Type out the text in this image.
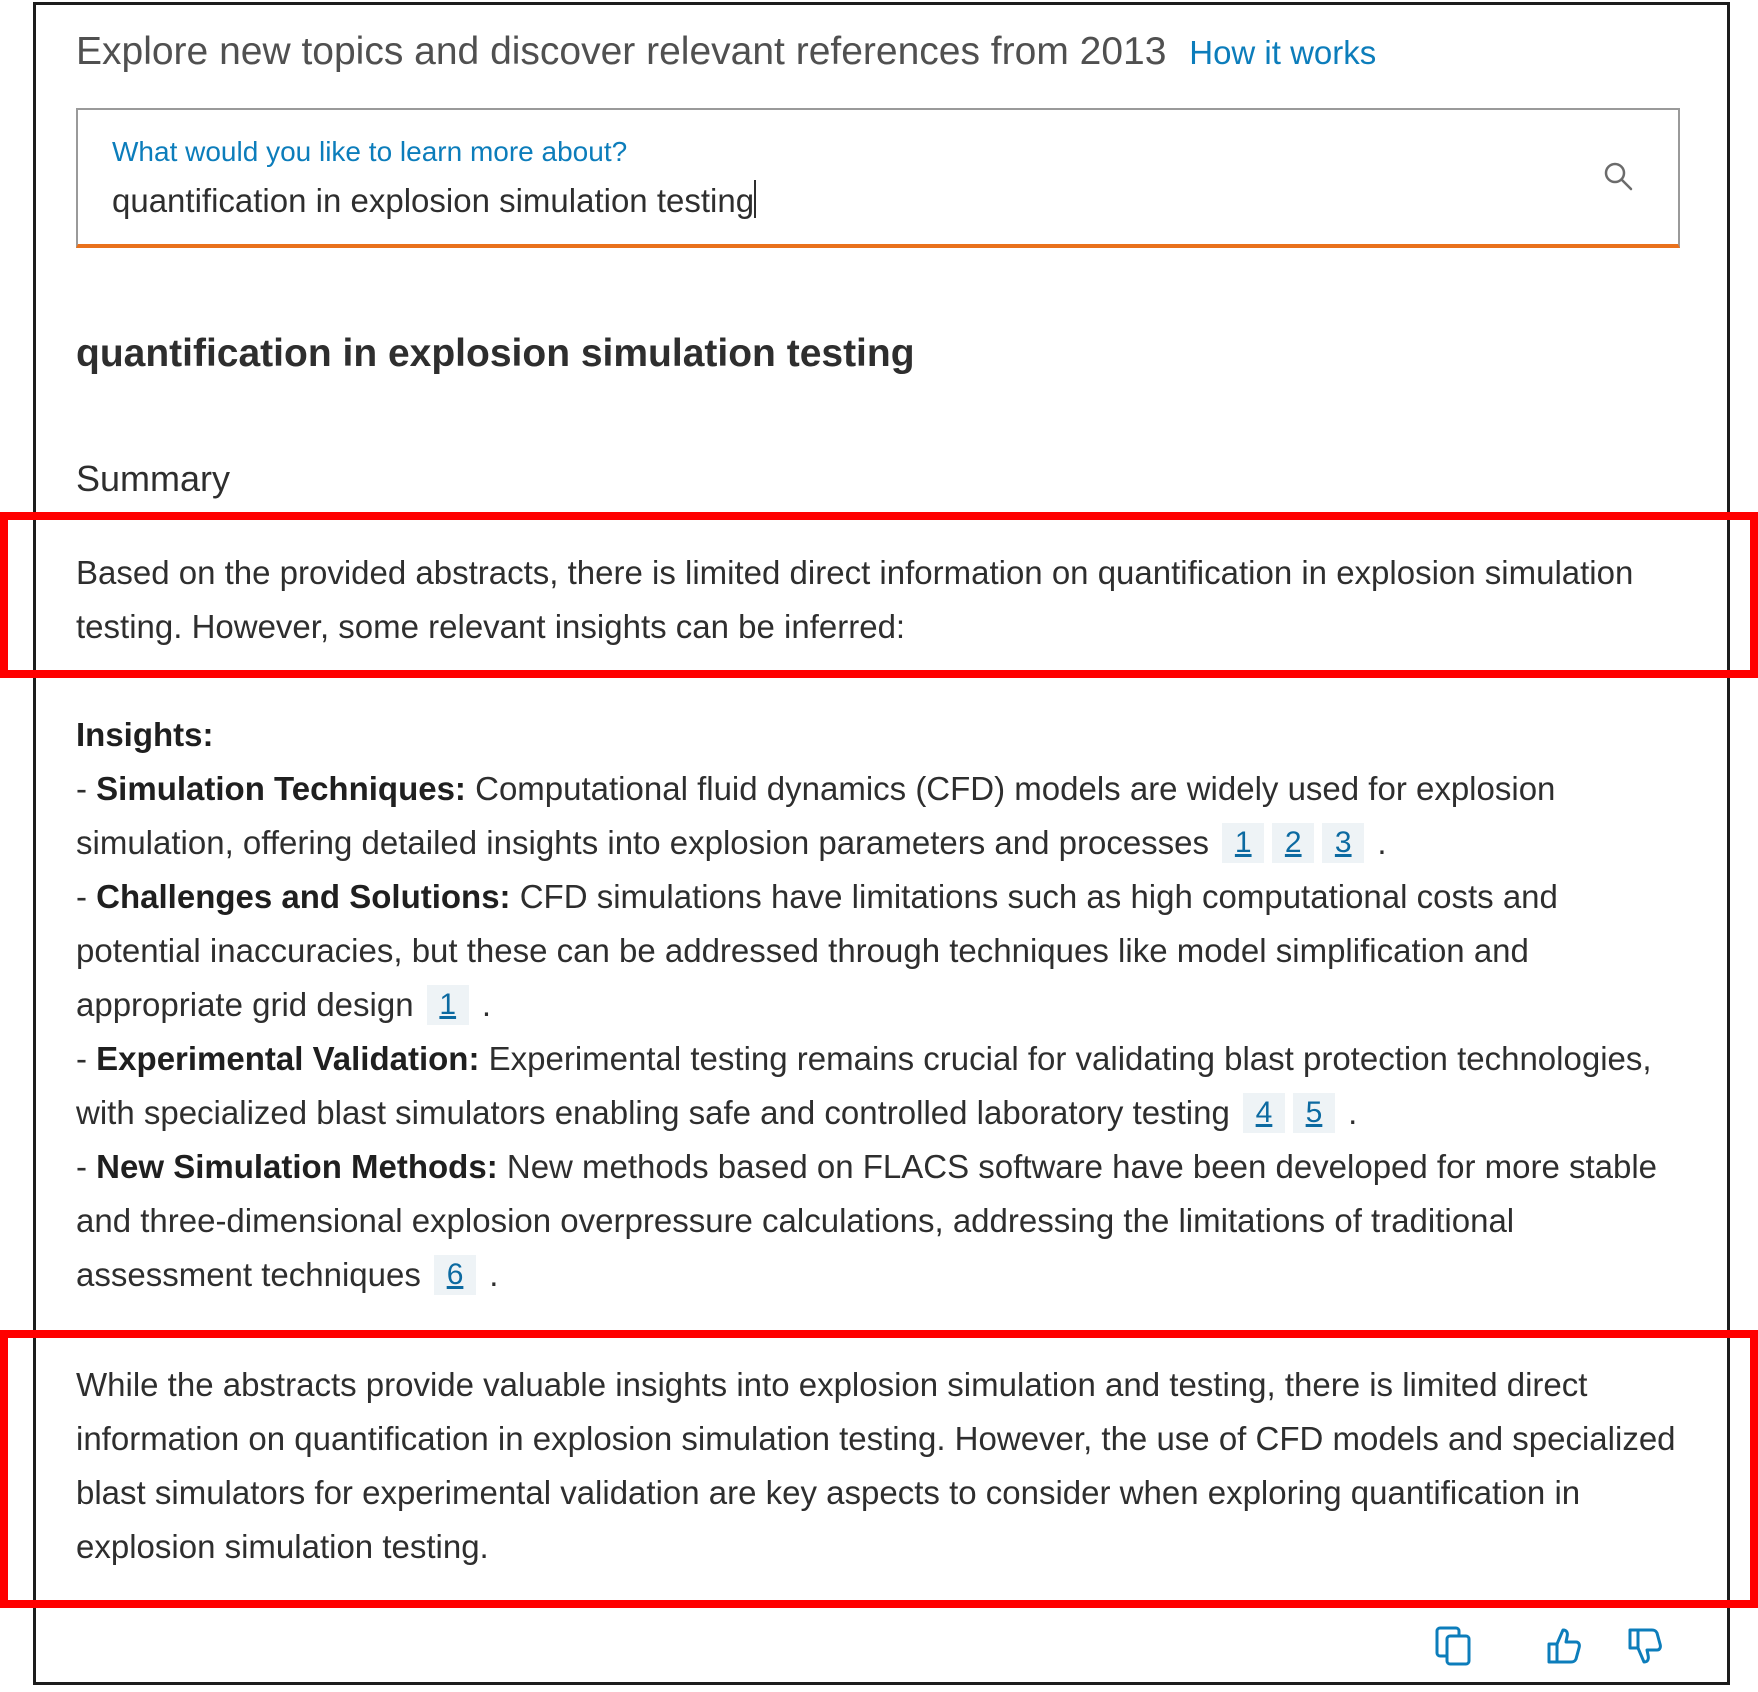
Explore new topics and discover relevant references from 2013 How it works
What would you like to learn more about?
quantification in explosion simulation testing
quantification in explosion simulation testing
Summary
Based on the provided abstracts, there is limited direct information on quantification in explosion simulation testing. However, some relevant insights can be inferred:
Insights:
- Simulation Techniques: Computational fluid dynamics (CFD) models are widely used for explosion simulation, offering detailed insights into explosion parameters and processes 1 2 3 .
- Challenges and Solutions: CFD simulations have limitations such as high computational costs and potential inaccuracies, but these can be addressed through techniques like model simplification and appropriate grid design 1 .
- Experimental Validation: Experimental testing remains crucial for validating blast protection technologies, with specialized blast simulators enabling safe and controlled laboratory testing 4 5 .
- New Simulation Methods: New methods based on FLACS software have been developed for more stable and three-dimensional explosion overpressure calculations, addressing the limitations of traditional assessment techniques 6 .
While the abstracts provide valuable insights into explosion simulation and testing, there is limited direct information on quantification in explosion simulation testing. However, the use of CFD models and specialized blast simulators for experimental validation are key aspects to consider when exploring quantification in explosion simulation testing.
